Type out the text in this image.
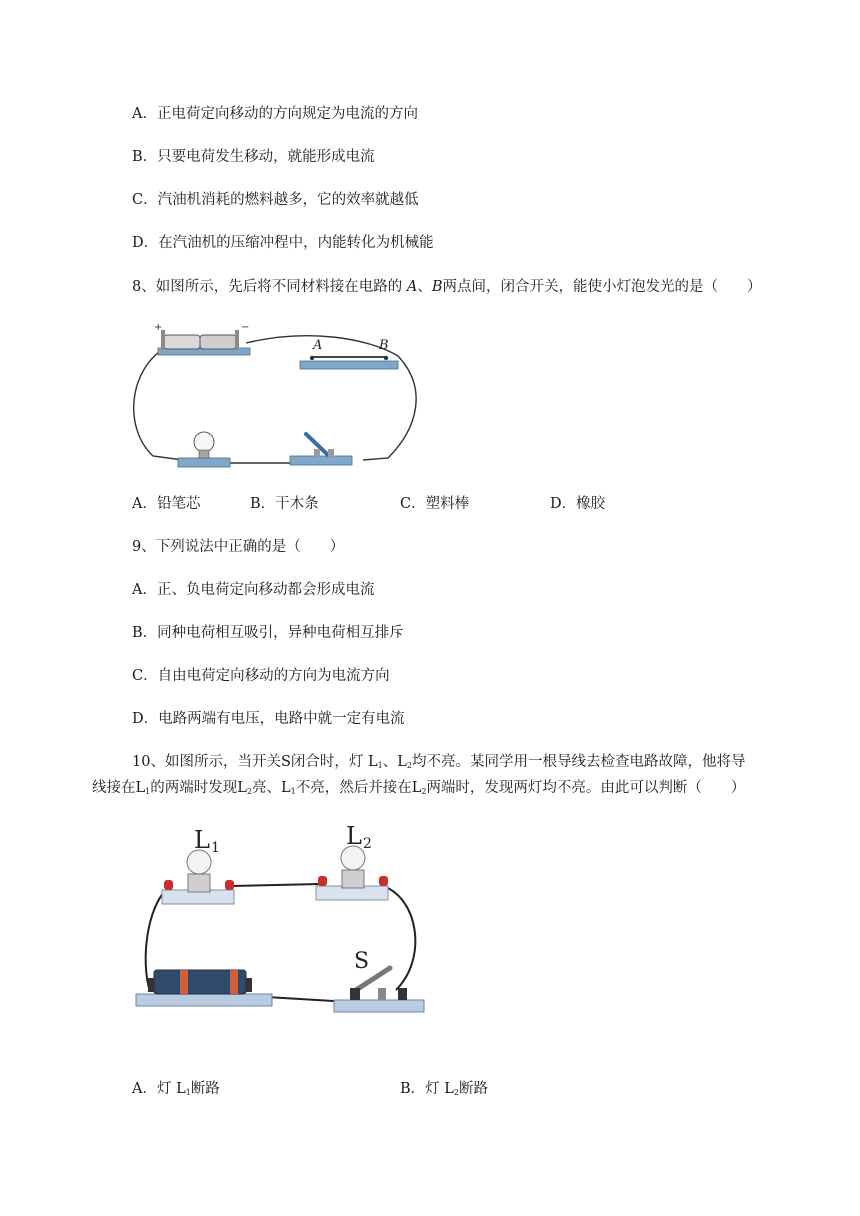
A．正电荷定向移动的方向规定为电流的方向
B．只要电荷发生移动，就能形成电流
C．汽油机消耗的燃料越多，它的效率就越低
D．在汽油机的压缩冲程中，内能转化为机械能
8、如图所示，先后将不同材料接在电路的 A、B两点间，闭合开关，能使小灯泡发光的是（　　）
+	−
A	B
A．铅笔芯	B．干木条	C．塑料棒	D．橡胶
9、下列说法中正确的是（　　）
A．正、负电荷定向移动都会形成电流
B．同种电荷相互吸引，异种电荷相互排斥
C．自由电荷定向移动的方向为电流方向
D．电路两端有电压，电路中就一定有电流
10、如图所示，当开关S闭合时，灯 $L_1$、$L_2$均不亮。某同学用一根导线去检查电路故障，他将导
线接在$L_1$的两端时发现$L_2$亮、$L_1$不亮，然后并接在$L_2$两端时，发现两灯均不亮。由此可以判断（　　）
L 1	L 2
S
A．灯 $L_1$断路	B．灯 $L_2$断路
